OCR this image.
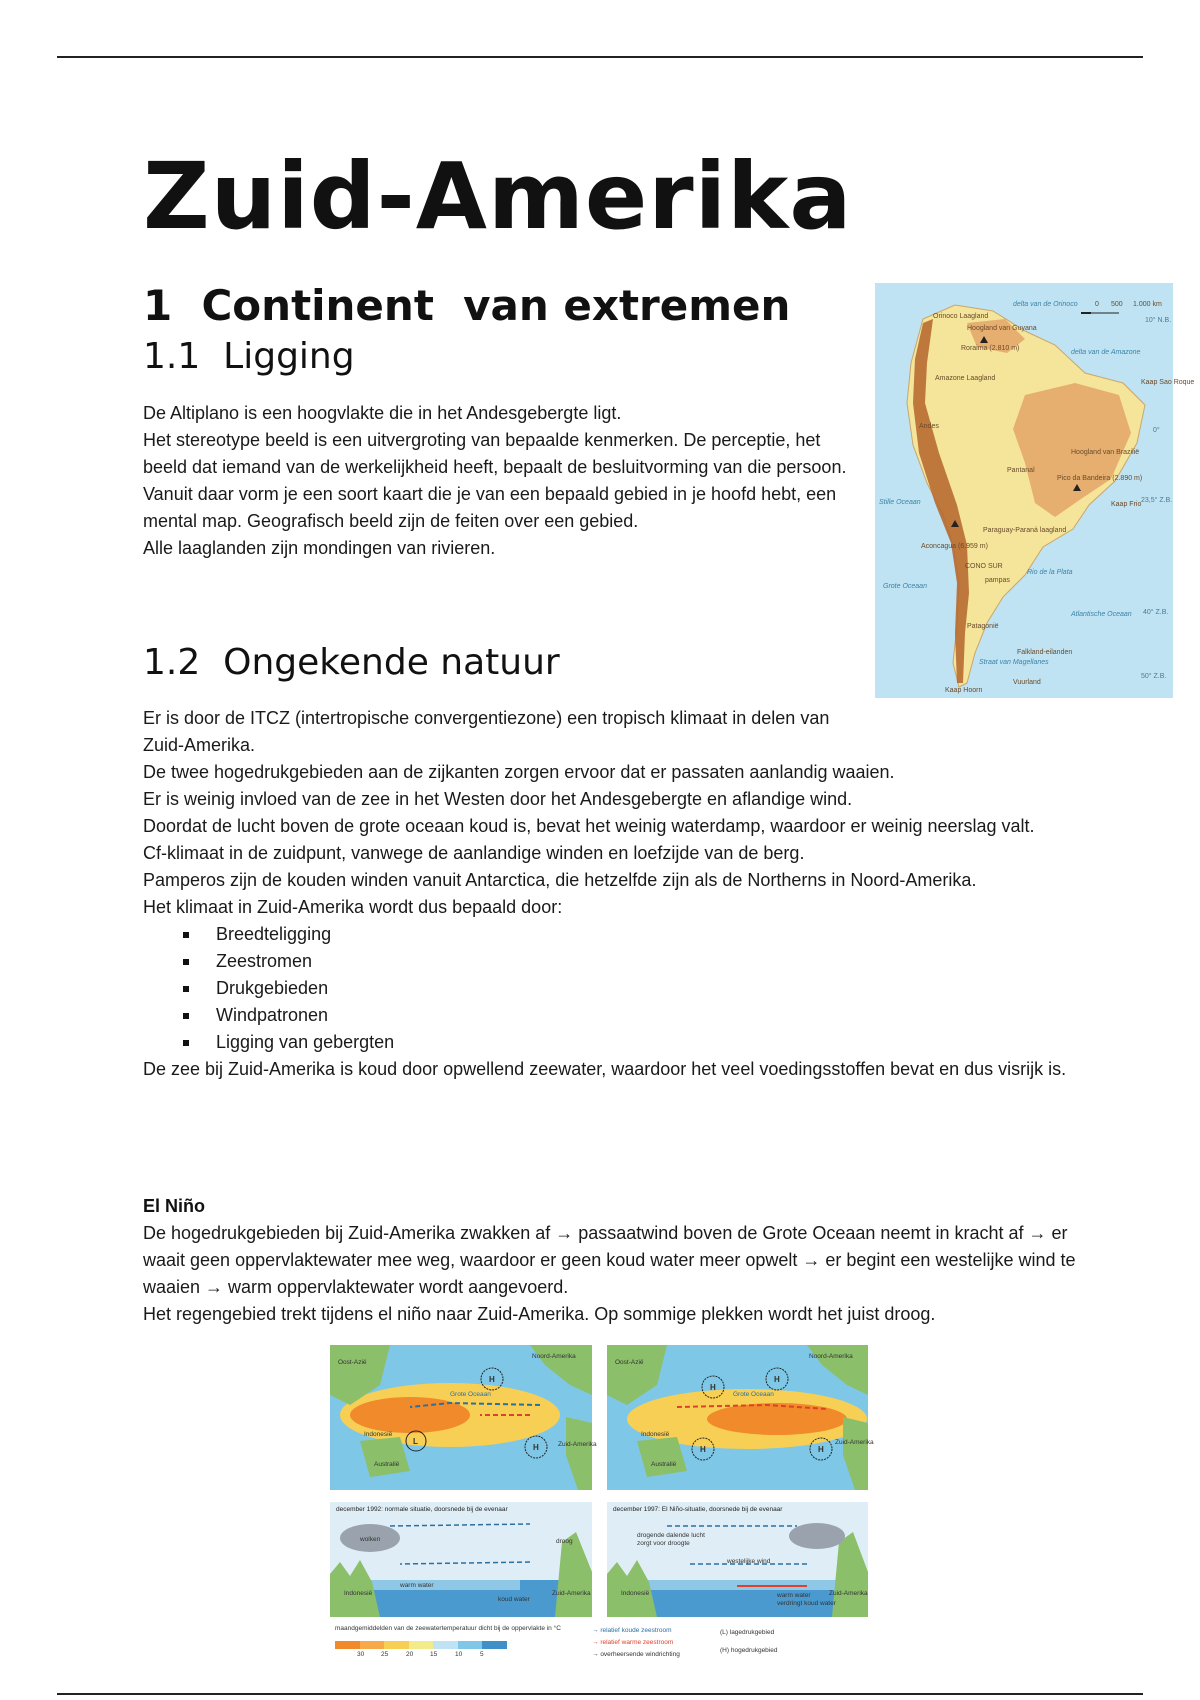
Zuid-Amerika
1 Continent  van extremen
1.1 Ligging

De Altiplano is een hoogvlakte die in het Andesgebergte ligt.

Het stereotype beeld is een uitvergroting van bepaalde kenmerken. De perceptie, het beeld dat iemand van de werkelijkheid heeft, bepaalt de besluitvorming van die persoon. Vanuit daar vorm je een soort kaart die je van een bepaald gebied in je hoofd hebt, een mental map. Geografisch beeld zijn de feiten over een gebied.

Alle laaglanden zijn mondingen van rivieren.

0 500 1.000 km
10° N.B.
0°
23,5° Z.B.
40° Z.B.
50° Z.B.
delta van de Orinoco
delta van de Amazone
Stille Oceaan
Grote Oceaan
Atlantische Oceaan
Rio de la Plata
Straat van Magellanes
Orinoco Laagland
Hoogland van Guyana
Roraima (2.810 m)
Amazone Laagland
Hoogland van Brazilië
Pico da Bandeira (2.890 m)
Pantanal
Paraguay-Paraná laagland
Aconcagua (6.959 m)
CONO SUR
pampas
Kaap Sao Roque
Kaap Frio
Falkland-eilanden
Vuurland
Kaap Hoorn
Andes
Patagonië
1.2 Ongekende natuur

Er is door de ITCZ (intertropische convergentiezone) een tropisch klimaat in delen van Zuid-Amerika.

De twee hogedrukgebieden aan de zijkanten zorgen ervoor dat er passaten aanlandig waaien.

Er is weinig invloed van de zee in het Westen door het Andesgebergte en aflandige wind.

Doordat de lucht boven de grote oceaan koud is, bevat het weinig waterdamp, waardoor er weinig neerslag valt.

Cf-klimaat in de zuidpunt, vanwege de aanlandige winden en loefzijde van de berg.

Pamperos zijn de kouden winden vanuit Antarctica, die hetzelfde zijn als de Northerns in Noord-Amerika.

Het klimaat in Zuid-Amerika wordt dus bepaald door:

Breedteligging
Zeestromen
Drukgebieden
Windpatronen
Ligging van gebergten

De zee bij Zuid-Amerika is koud door opwellend zeewater, waardoor het veel voedingsstoffen bevat en dus visrijk is.

El Niño

De hogedrukgebieden bij Zuid-Amerika zwakken af → passaatwind boven de Grote Oceaan neemt in kracht af → er waait geen oppervlaktewater mee weg, waardoor er geen koud water meer opwelt → er begint een westelijke wind te waaien → warm oppervlaktewater wordt aangevoerd.

Het regengebied trekt tijdens el niño naar Zuid-Amerika. Op sommige plekken wordt het juist droog.

Oost-Azië
Noord-Amerika
Grote Oceaan
Indonesië
Australië
Zuid-Amerika
H
H
L
Oost-Azië
Noord-Amerika
Grote Oceaan
Indonesië
Australië
Zuid-Amerika
H
H
H	H
december 1992: normale situatie, doorsnede bij de evenaar
wolken	droog
warm water
koud water
Indonesië	Zuid-Amerika
december 1997: El Niño-situatie, doorsnede bij de evenaar
westelijke wind
drogende dalende lucht zorgt voor droogte
warm water verdringt koud water
Indonesië	Zuid-Amerika
maandgemiddelden van de zeewatertemperatuur dicht bij de oppervlakte in °C
30	25	20	15	10	5
→ relatief koude zeestroom
→ relatief warme zeestroom
→ overheersende windrichting
(L) lagedrukgebied
(H) hogedrukgebied
